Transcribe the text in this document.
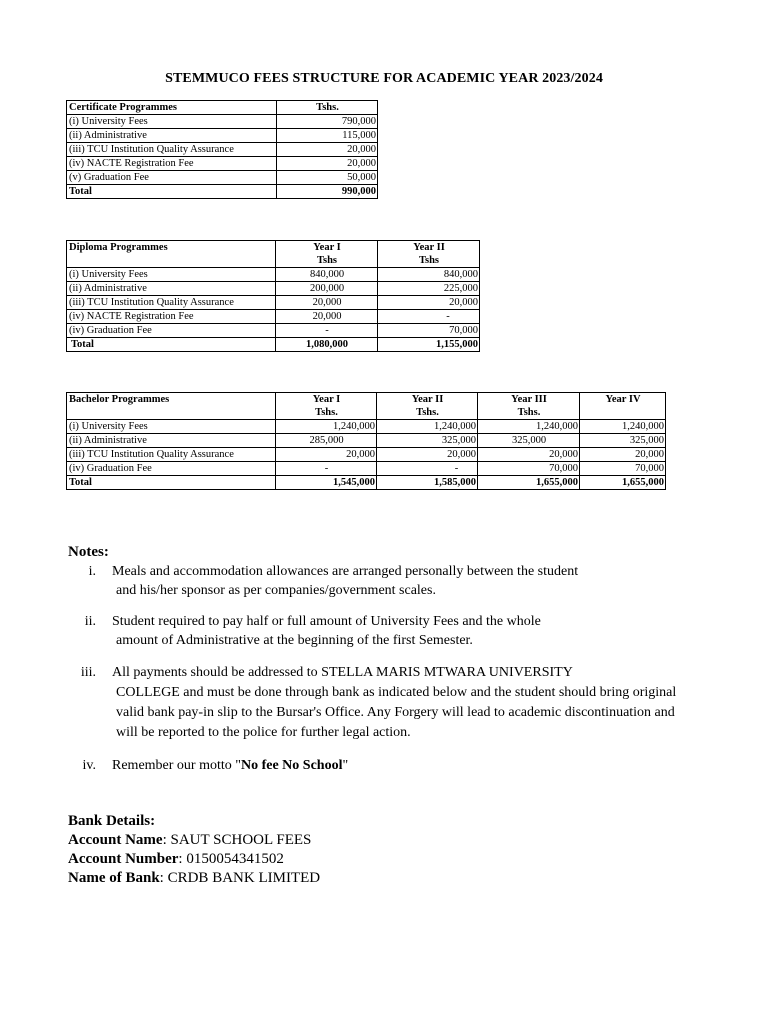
STEMMUCO FEES STRUCTURE FOR ACADEMIC YEAR 2023/2024
Certificate Programmes	Tshs.
(i) University Fees	790,000
(ii) Administrative	115,000
(iii) TCU Institution Quality Assurance	20,000
(iv) NACTE Registration Fee	20,000
(v) Graduation Fee	50,000
Total	990,000
Diploma Programmes	Year I	Year II
	Tshs	Tshs
(i) University Fees	840,000	840,000
(ii) Administrative	200,000	225,000
(iii) TCU Institution Quality Assurance	20,000	20,000
(iv) NACTE Registration Fee	20,000	-
(iv) Graduation Fee	-	70,000
Total	1,080,000	1,155,000
Bachelor Programmes	Year I	Year II	Year III	Year IV
	Tshs.	Tshs.	Tshs.	
(i) University Fees	1,240,000	1,240,000	1,240,000	1,240,000
(ii) Administrative	285,000	325,000	325,000	325,000
(iii) TCU Institution Quality Assurance	20,000	20,000	20,000	20,000
(iv) Graduation Fee	-	-	70,000	70,000
Total	1,545,000	1,585,000	1,655,000	1,655,000
Notes:
i. Meals and accommodation allowances are arranged personally between the student
and his/her sponsor as per companies/government scales.
ii. Student required to pay half or full amount of University Fees and the whole
amount of Administrative at the beginning of the first Semester.
iii. All payments should be addressed to STELLA MARIS MTWARA UNIVERSITY
COLLEGE and must be done through bank as indicated below and the student should bring original valid bank pay-in slip to the Bursar's Office. Any Forgery will lead to academic discontinuation and will be reported to the police for further legal action.
iv. Remember our motto "No fee No School"
Bank Details:
Account Name: SAUT SCHOOL FEES
Account Number: 0150054341502
Name of Bank: CRDB BANK LIMITED
